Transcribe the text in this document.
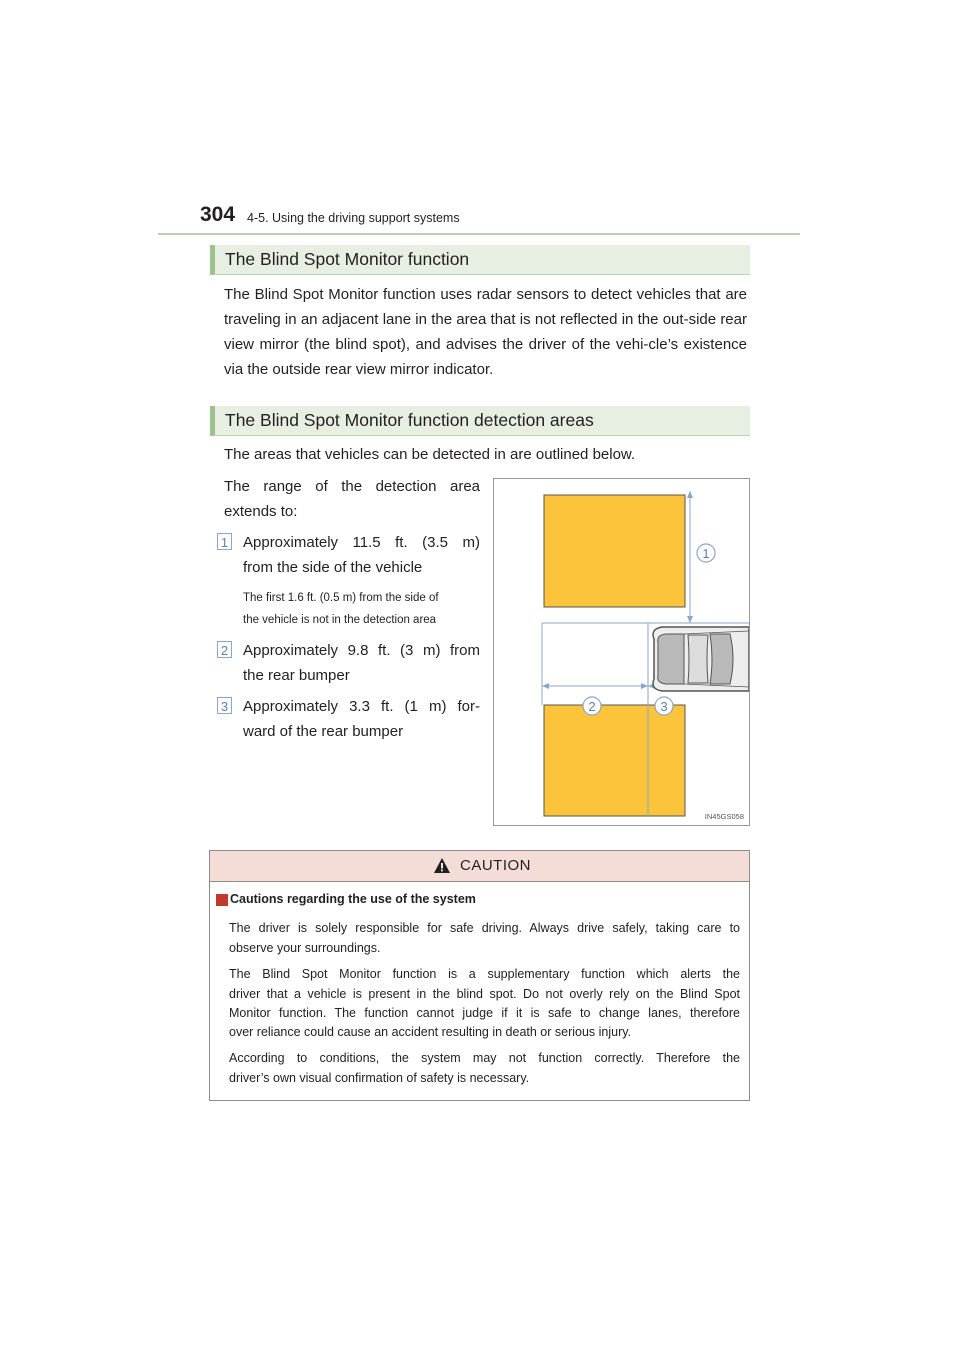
304 4-5. Using the driving support systems
The Blind Spot Monitor function
The Blind Spot Monitor function uses radar sensors to detect vehicles that are traveling in an adjacent lane in the area that is not reflected in the out-side rear view mirror (the blind spot), and advises the driver of the vehi-cle’s existence via the outside rear view mirror indicator.
The Blind Spot Monitor function detection areas
The areas that vehicles can be detected in are outlined below.
The range of the detection area
extends to:
1 Approximately 11.5 ft. (3.5 m)
from the side of the vehicle
The first 1.6 ft. (0.5 m) from the side of
the vehicle is not in the detection area
2 Approximately 9.8 ft. (3 m) from
the rear bumper
3 Approximately 3.3 ft. (1 m) for-
ward of the rear bumper
1
2	3
IN45GS058
CAUTION
Cautions regarding the use of the system
The driver is solely responsible for safe driving. Always drive safely, taking care to
observe your surroundings.
The Blind Spot Monitor function is a supplementary function which alerts the
driver that a vehicle is present in the blind spot. Do not overly rely on the Blind Spot
Monitor function. The function cannot judge if it is safe to change lanes, therefore
over reliance could cause an accident resulting in death or serious injury.
According to conditions, the system may not function correctly. Therefore the
driver’s own visual confirmation of safety is necessary.
